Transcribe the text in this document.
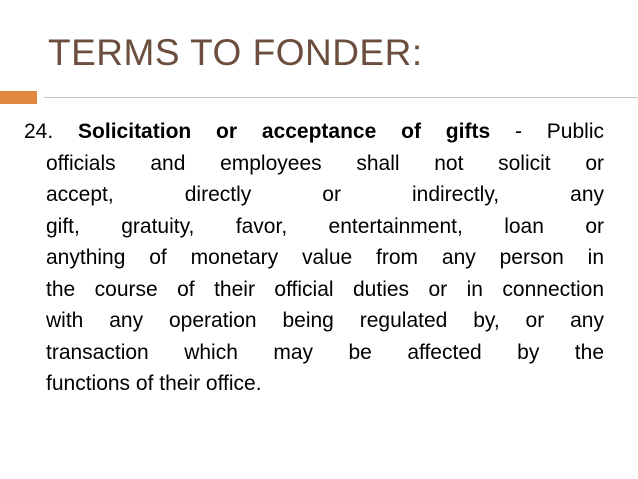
TERMS TO FONDER:
24. Solicitation or acceptance of gifts - Public
officials and employees shall not solicit or
accept, directly or indirectly, any
gift, gratuity, favor, entertainment, loan or
anything of monetary value from any person in
the course of their official duties or in connection
with any operation being regulated by, or any
transaction which may be affected by the
functions of their office.
